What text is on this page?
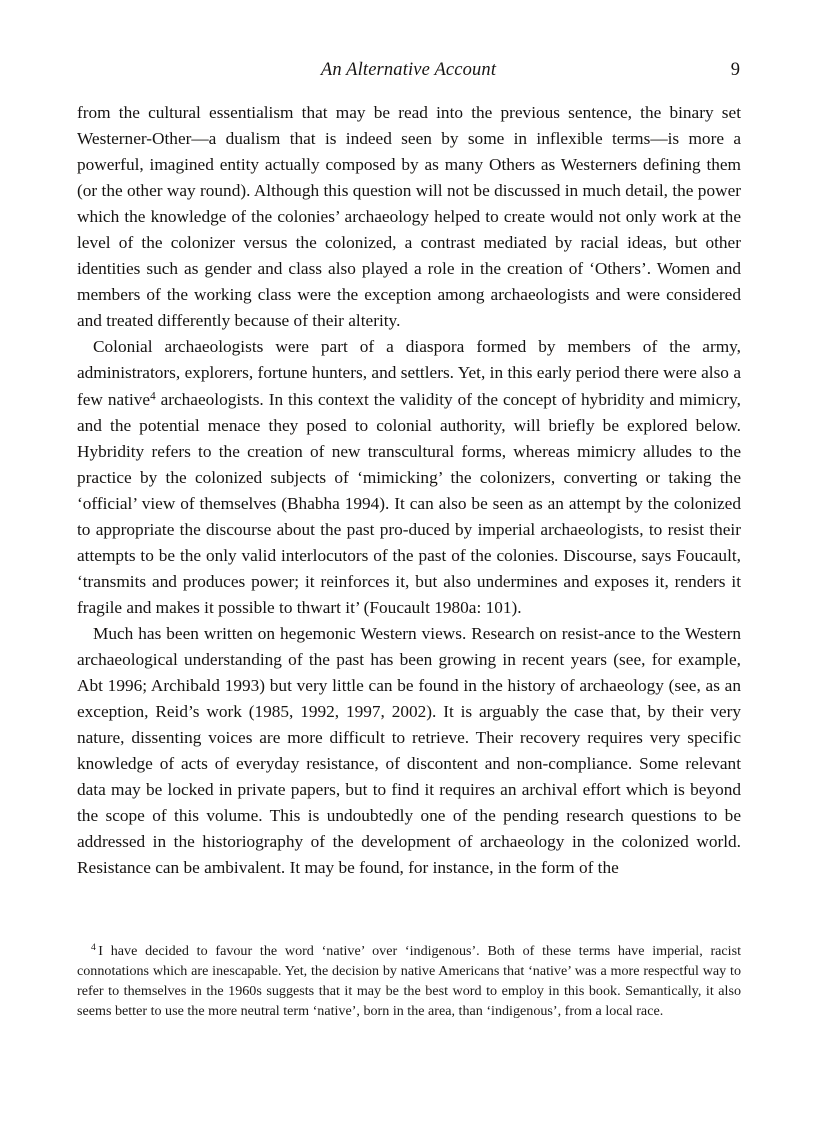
An Alternative Account	9

from the cultural essentialism that may be read into the previous sentence, the binary set Westerner-Other—a dualism that is indeed seen by some in inflexible terms—is more a powerful, imagined entity actually composed by as many Others as Westerners defining them (or the other way round). Although this question will not be discussed in much detail, the power which the knowledge of the colonies’ archaeology helped to create would not only work at the level of the colonizer versus the colonized, a contrast mediated by racial ideas, but other identities such as gender and class also played a role in the creation of ‘Others’. Women and members of the working class were the exception among archaeologists and were considered and treated differently because of their alterity.

Colonial archaeologists were part of a diaspora formed by members of the army, administrators, explorers, fortune hunters, and settlers. Yet, in this early period there were also a few native$^4$ archaeologists. In this context the validity of the concept of hybridity and mimicry, and the potential menace they posed to colonial authority, will briefly be explored below. Hybridity refers to the creation of new transcultural forms, whereas mimicry alludes to the practice by the colonized subjects of ‘mimicking’ the colonizers, converting or taking the ‘official’ view of themselves (Bhabha 1994). It can also be seen as an attempt by the colonized to appropriate the discourse about the past pro-duced by imperial archaeologists, to resist their attempts to be the only valid interlocutors of the past of the colonies. Discourse, says Foucault, ‘transmits and produces power; it reinforces it, but also undermines and exposes it, renders it fragile and makes it possible to thwart it’ (Foucault 1980a: 101).

Much has been written on hegemonic Western views. Research on resist-ance to the Western archaeological understanding of the past has been growing in recent years (see, for example, Abt 1996; Archibald 1993) but very little can be found in the history of archaeology (see, as an exception, Reid’s work (1985, 1992, 1997, 2002). It is arguably the case that, by their very nature, dissenting voices are more difficult to retrieve. Their recovery requires very specific knowledge of acts of everyday resistance, of discontent and non-compliance. Some relevant data may be locked in private papers, but to find it requires an archival effort which is beyond the scope of this volume. This is undoubtedly one of the pending research questions to be addressed in the historiography of the development of archaeology in the colonized world. Resistance can be ambivalent. It may be found, for instance, in the form of the

$^4$ I have decided to favour the word ‘native’ over ‘indigenous’. Both of these terms have imperial, racist connotations which are inescapable. Yet, the decision by native Americans that ‘native’ was a more respectful way to refer to themselves in the 1960s suggests that it may be the best word to employ in this book. Semantically, it also seems better to use the more neutral term ‘native’, born in the area, than ‘indigenous’, from a local race.
